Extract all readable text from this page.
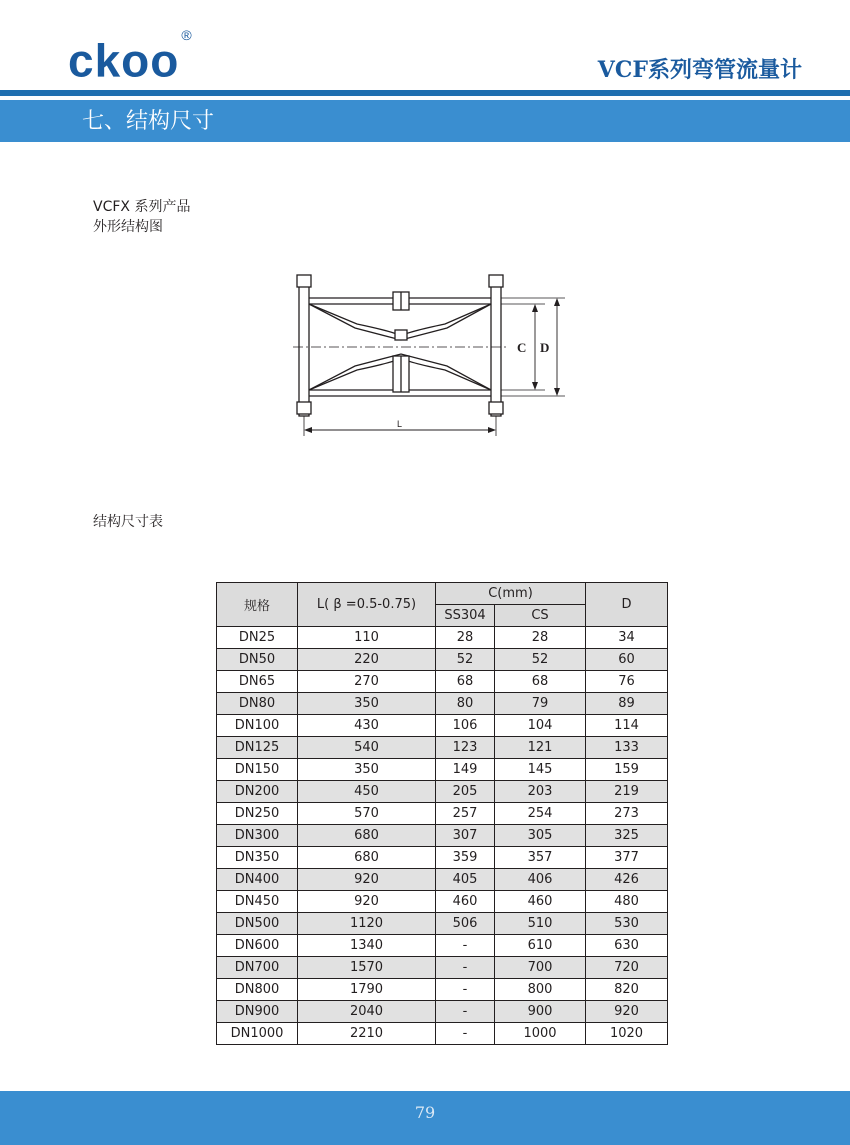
ckoo ®
VCF系列弯管流量计
七、结构尺寸
VCFX 系列产品
外形结构图
C D
L
结构尺寸表
规格	L( β =0.5-0.75)	C(mm)		D
		SS304	CS	
DN25	110	28	28	34
DN50	220	52	52	60
DN65	270	68	68	76
DN80	350	80	79	89
DN100	430	106	104	114
DN125	540	123	121	133
DN150	350	149	145	159
DN200	450	205	203	219
DN250	570	257	254	273
DN300	680	307	305	325
DN350	680	359	357	377
DN400	920	405	406	426
DN450	920	460	460	480
DN500	1120	506	510	530
DN600	1340	-	610	630
DN700	1570	-	700	720
DN800	1790	-	800	820
DN900	2040	-	900	920
DN1000	2210	-	1000	1020
79
